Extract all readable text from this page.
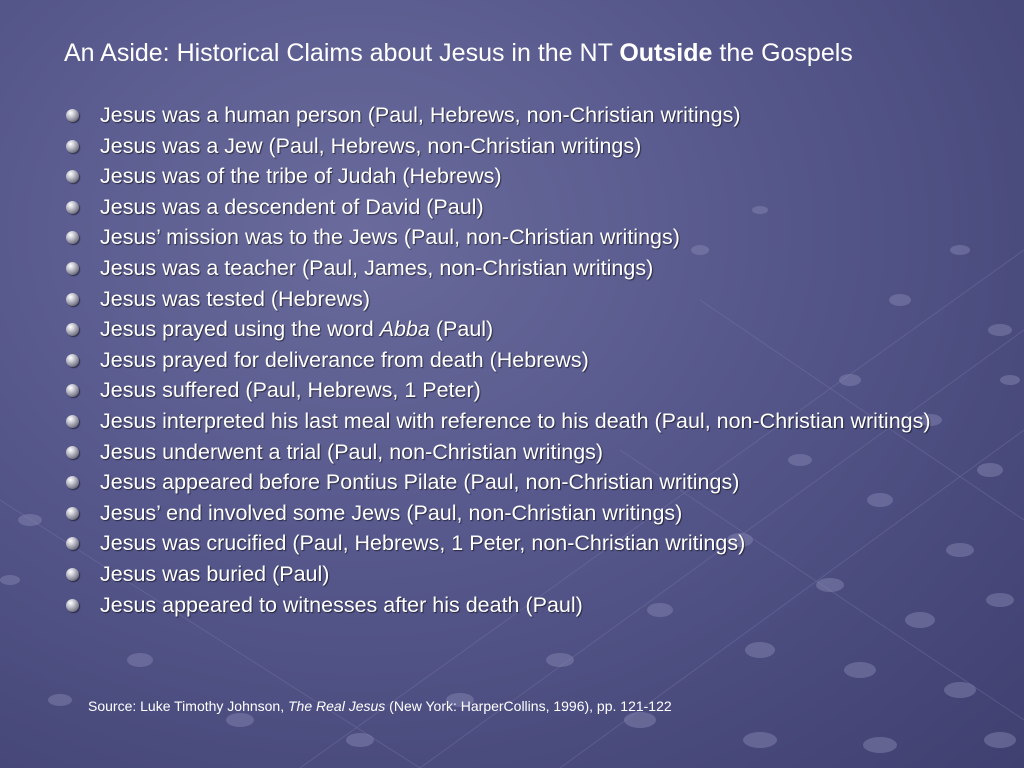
An Aside: Historical Claims about Jesus in the NT Outside the Gospels
Jesus was a human person (Paul, Hebrews, non-Christian writings)
Jesus was a Jew (Paul, Hebrews, non-Christian writings)
Jesus was of the tribe of Judah (Hebrews)
Jesus was a descendent of David (Paul)
Jesus’ mission was to the Jews (Paul, non-Christian writings)
Jesus was a teacher (Paul, James, non-Christian writings)
Jesus was tested (Hebrews)
Jesus prayed using the word Abba (Paul)
Jesus prayed for deliverance from death (Hebrews)
Jesus suffered (Paul, Hebrews, 1 Peter)
Jesus interpreted his last meal with reference to his death (Paul, non-Christian writings)
Jesus underwent a trial (Paul, non-Christian writings)
Jesus appeared before Pontius Pilate (Paul, non-Christian writings)
Jesus’ end involved some Jews (Paul, non-Christian writings)
Jesus was crucified (Paul, Hebrews, 1 Peter, non-Christian writings)
Jesus was buried (Paul)
Jesus appeared to witnesses after his death (Paul)
Source: Luke Timothy Johnson, The Real Jesus (New York: HarperCollins, 1996), pp. 121-122
